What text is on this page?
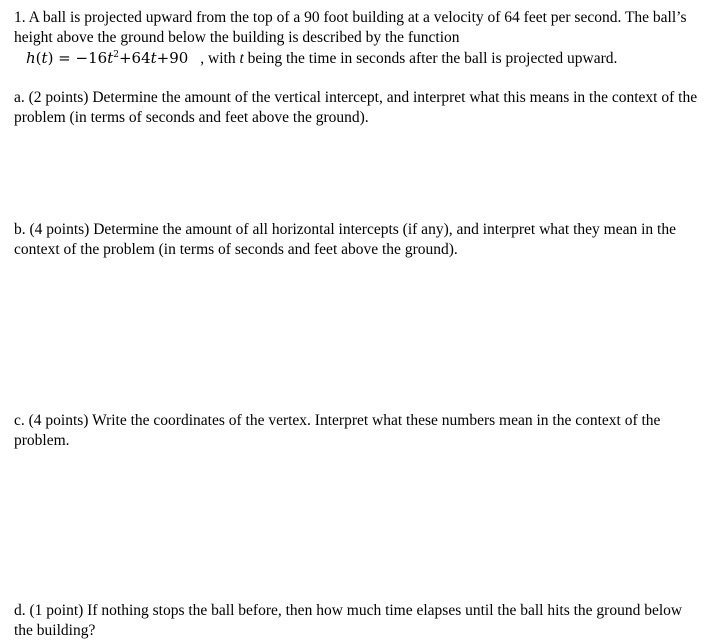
1. A ball is projected upward from the top of a 90 foot building at a velocity of 64 feet per second. The ball’s height above the ground below the building is described by the function
$h(t) = -16t^2+64t+90$ , with t being the time in seconds after the ball is projected upward.

a. (2 points) Determine the amount of the vertical intercept, and interpret what this means in the context of the problem (in terms of seconds and feet above the ground).

b. (4 points) Determine the amount of all horizontal intercepts (if any), and interpret what they mean in the context of the problem (in terms of seconds and feet above the ground).

c. (4 points) Write the coordinates of the vertex. Interpret what these numbers mean in the context of the problem.

d. (1 point) If nothing stops the ball before, then how much time elapses until the ball hits the ground below the building?
